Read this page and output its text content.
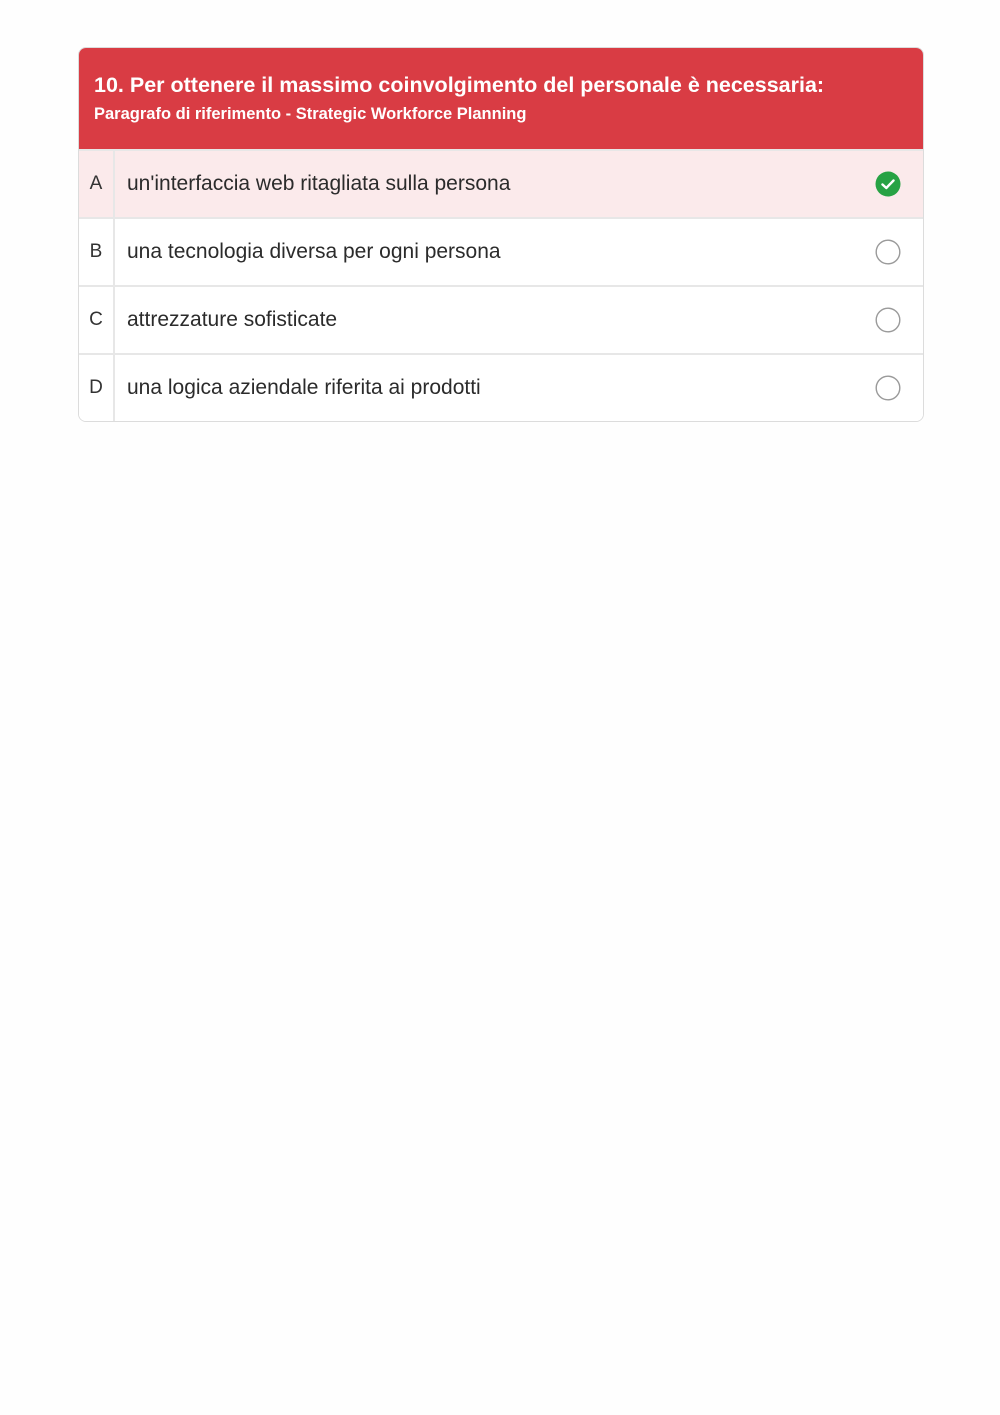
10. Per ottenere il massimo coinvolgimento del personale è necessaria:
Paragrafo di riferimento - Strategic Workforce Planning
A	un'interfaccia web ritagliata sulla persona
B	una tecnologia diversa per ogni persona
C	attrezzature sofisticate
D	una logica aziendale riferita ai prodotti
